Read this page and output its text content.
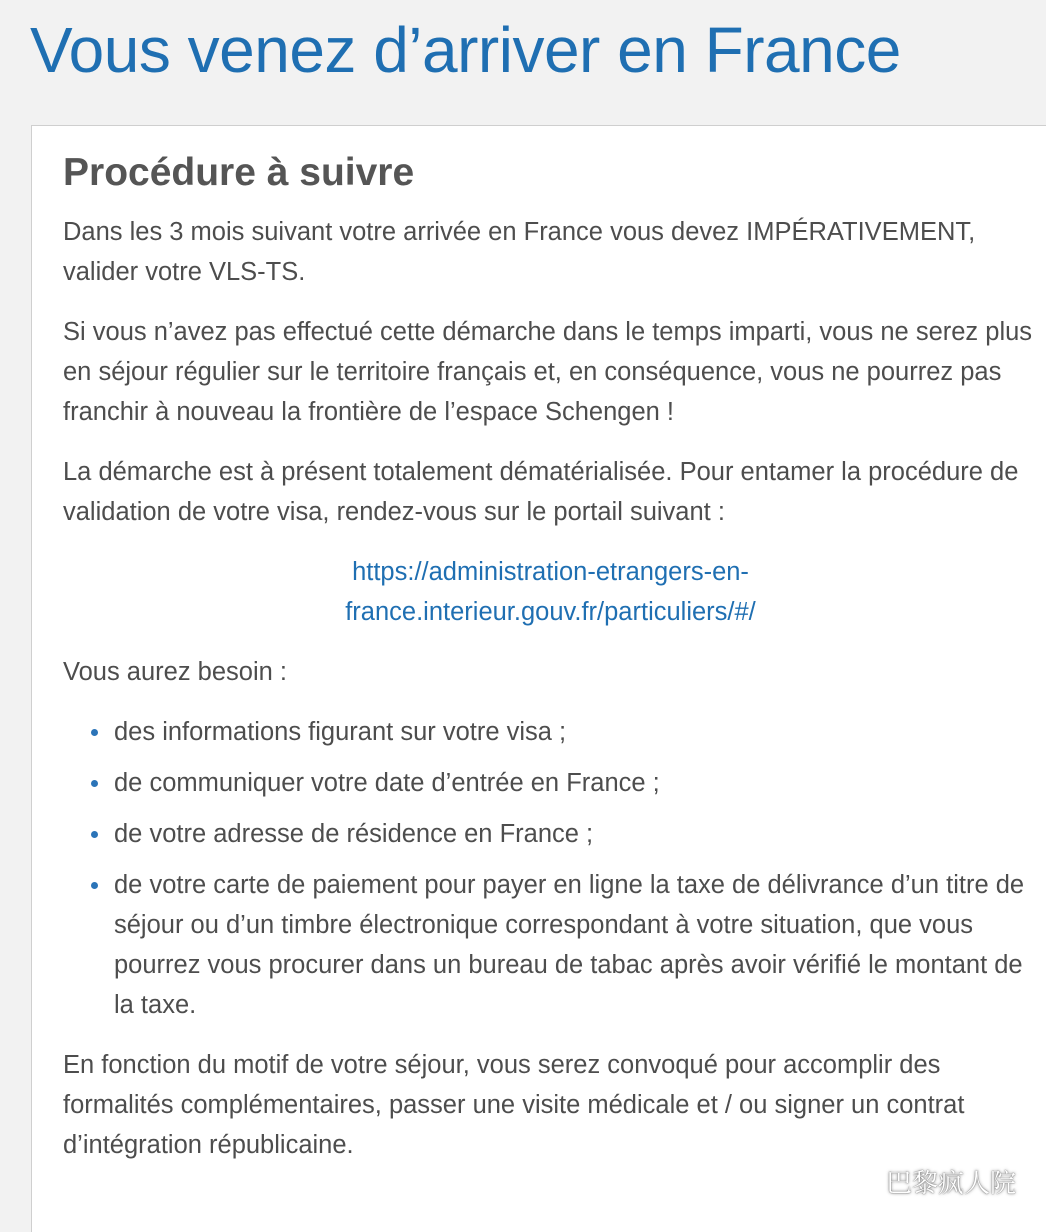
Vous venez d’arriver en France
Procédure à suivre

Dans les 3 mois suivant votre arrivée en France vous devez IMPÉRATIVEMENT, valider votre VLS-TS.

Si vous n’avez pas effectué cette démarche dans le temps imparti, vous ne serez plus en séjour régulier sur le territoire français et, en conséquence, vous ne pourrez pas franchir à nouveau la frontière de l’espace Schengen !

La démarche est à présent totalement dématérialisée. Pour entamer la procédure de validation de votre visa, rendez-vous sur le portail suivant :

https://administration-etrangers-en-
france.interieur.gouv.fr/particuliers/#/

Vous aurez besoin :

des informations figurant sur votre visa ;
de communiquer votre date d’entrée en France ;
de votre adresse de résidence en France ;
de votre carte de paiement pour payer en ligne la taxe de délivrance d’un titre de séjour ou d’un timbre électronique correspondant à votre situation, que vous pourrez vous procurer dans un bureau de tabac après avoir vérifié le montant de la taxe.

En fonction du motif de votre séjour, vous serez convoqué pour accomplir des formalités complémentaires, passer une visite médicale et / ou signer un contrat d’intégration républicaine.

巴黎疯人院
